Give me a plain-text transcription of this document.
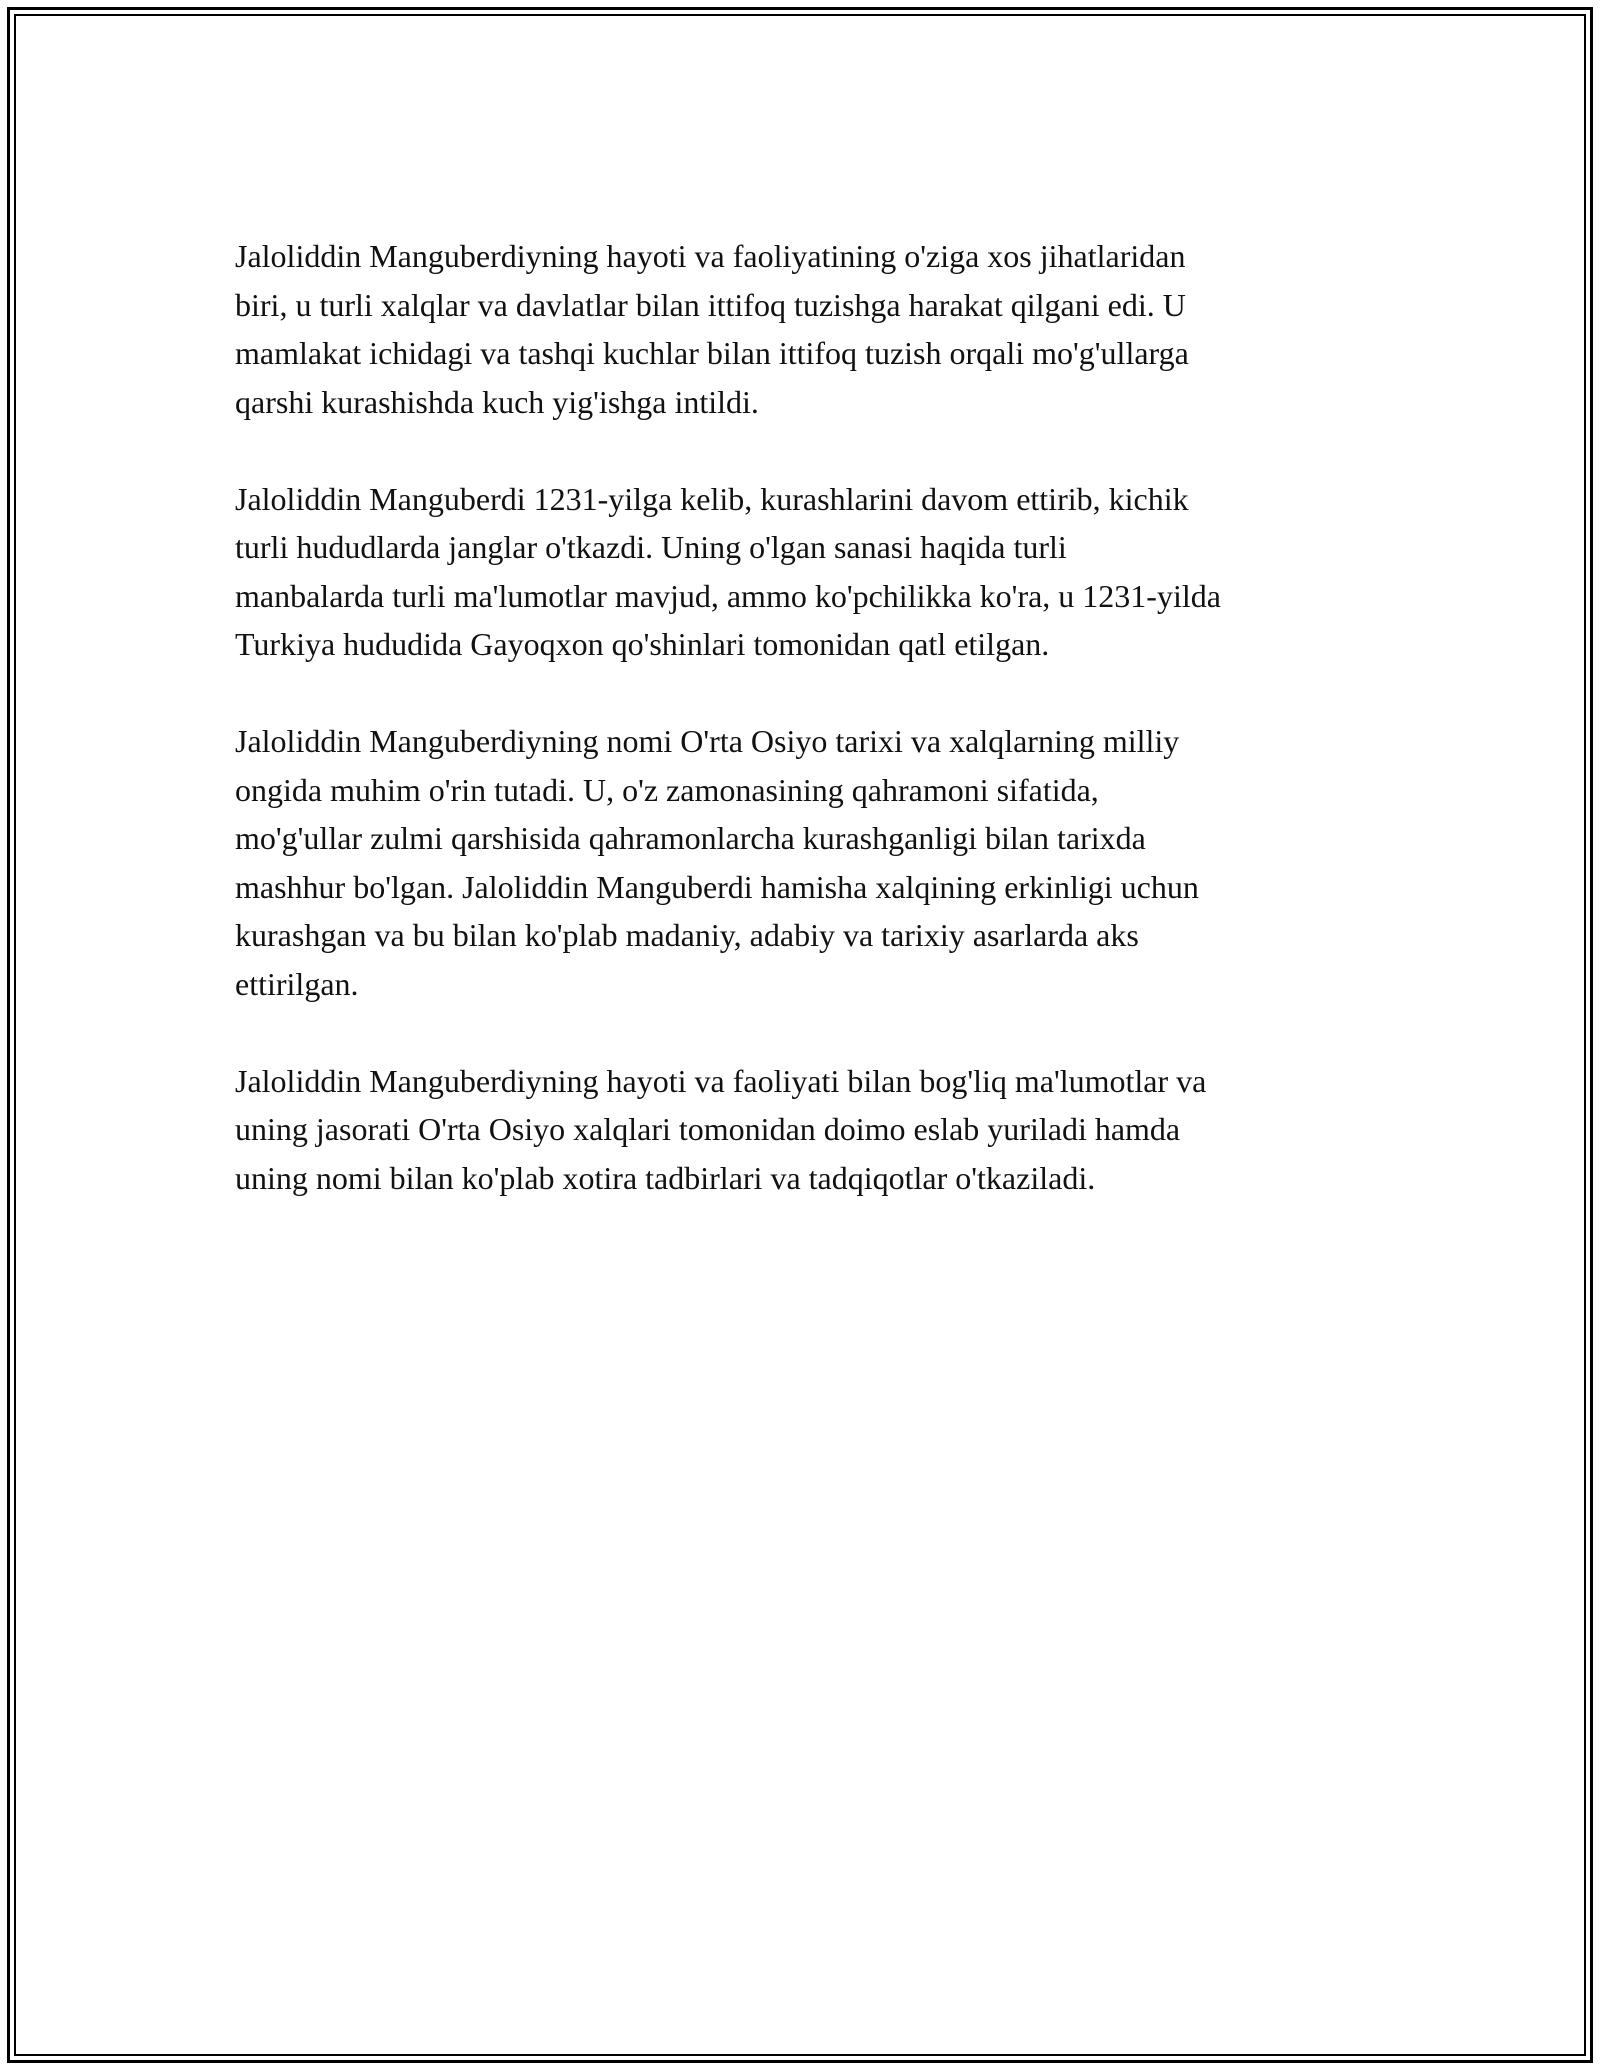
Jaloliddin Manguberdiyning hayoti va faoliyatining o'ziga xos jihatlaridan
biri, u turli xalqlar va davlatlar bilan ittifoq tuzishga harakat qilgani edi. U
mamlakat ichidagi va tashqi kuchlar bilan ittifoq tuzish orqali mo'g'ullarga
qarshi kurashishda kuch yig'ishga intildi.

Jaloliddin Manguberdi 1231-yilga kelib, kurashlarini davom ettirib, kichik
turli hududlarda janglar o'tkazdi. Uning o'lgan sanasi haqida turli
manbalarda turli ma'lumotlar mavjud, ammo ko'pchilikka ko'ra, u 1231-yilda
Turkiya hududida Gayoqxon qo'shinlari tomonidan qatl etilgan.

Jaloliddin Manguberdiyning nomi O'rta Osiyo tarixi va xalqlarning milliy
ongida muhim o'rin tutadi. U, o'z zamonasining qahramoni sifatida,
mo'g'ullar zulmi qarshisida qahramonlarcha kurashganligi bilan tarixda
mashhur bo'lgan. Jaloliddin Manguberdi hamisha xalqining erkinligi uchun
kurashgan va bu bilan ko'plab madaniy, adabiy va tarixiy asarlarda aks
ettirilgan.

Jaloliddin Manguberdiyning hayoti va faoliyati bilan bog'liq ma'lumotlar va
uning jasorati O'rta Osiyo xalqlari tomonidan doimo eslab yuriladi hamda
uning nomi bilan ko'plab xotira tadbirlari va tadqiqotlar o'tkaziladi.
